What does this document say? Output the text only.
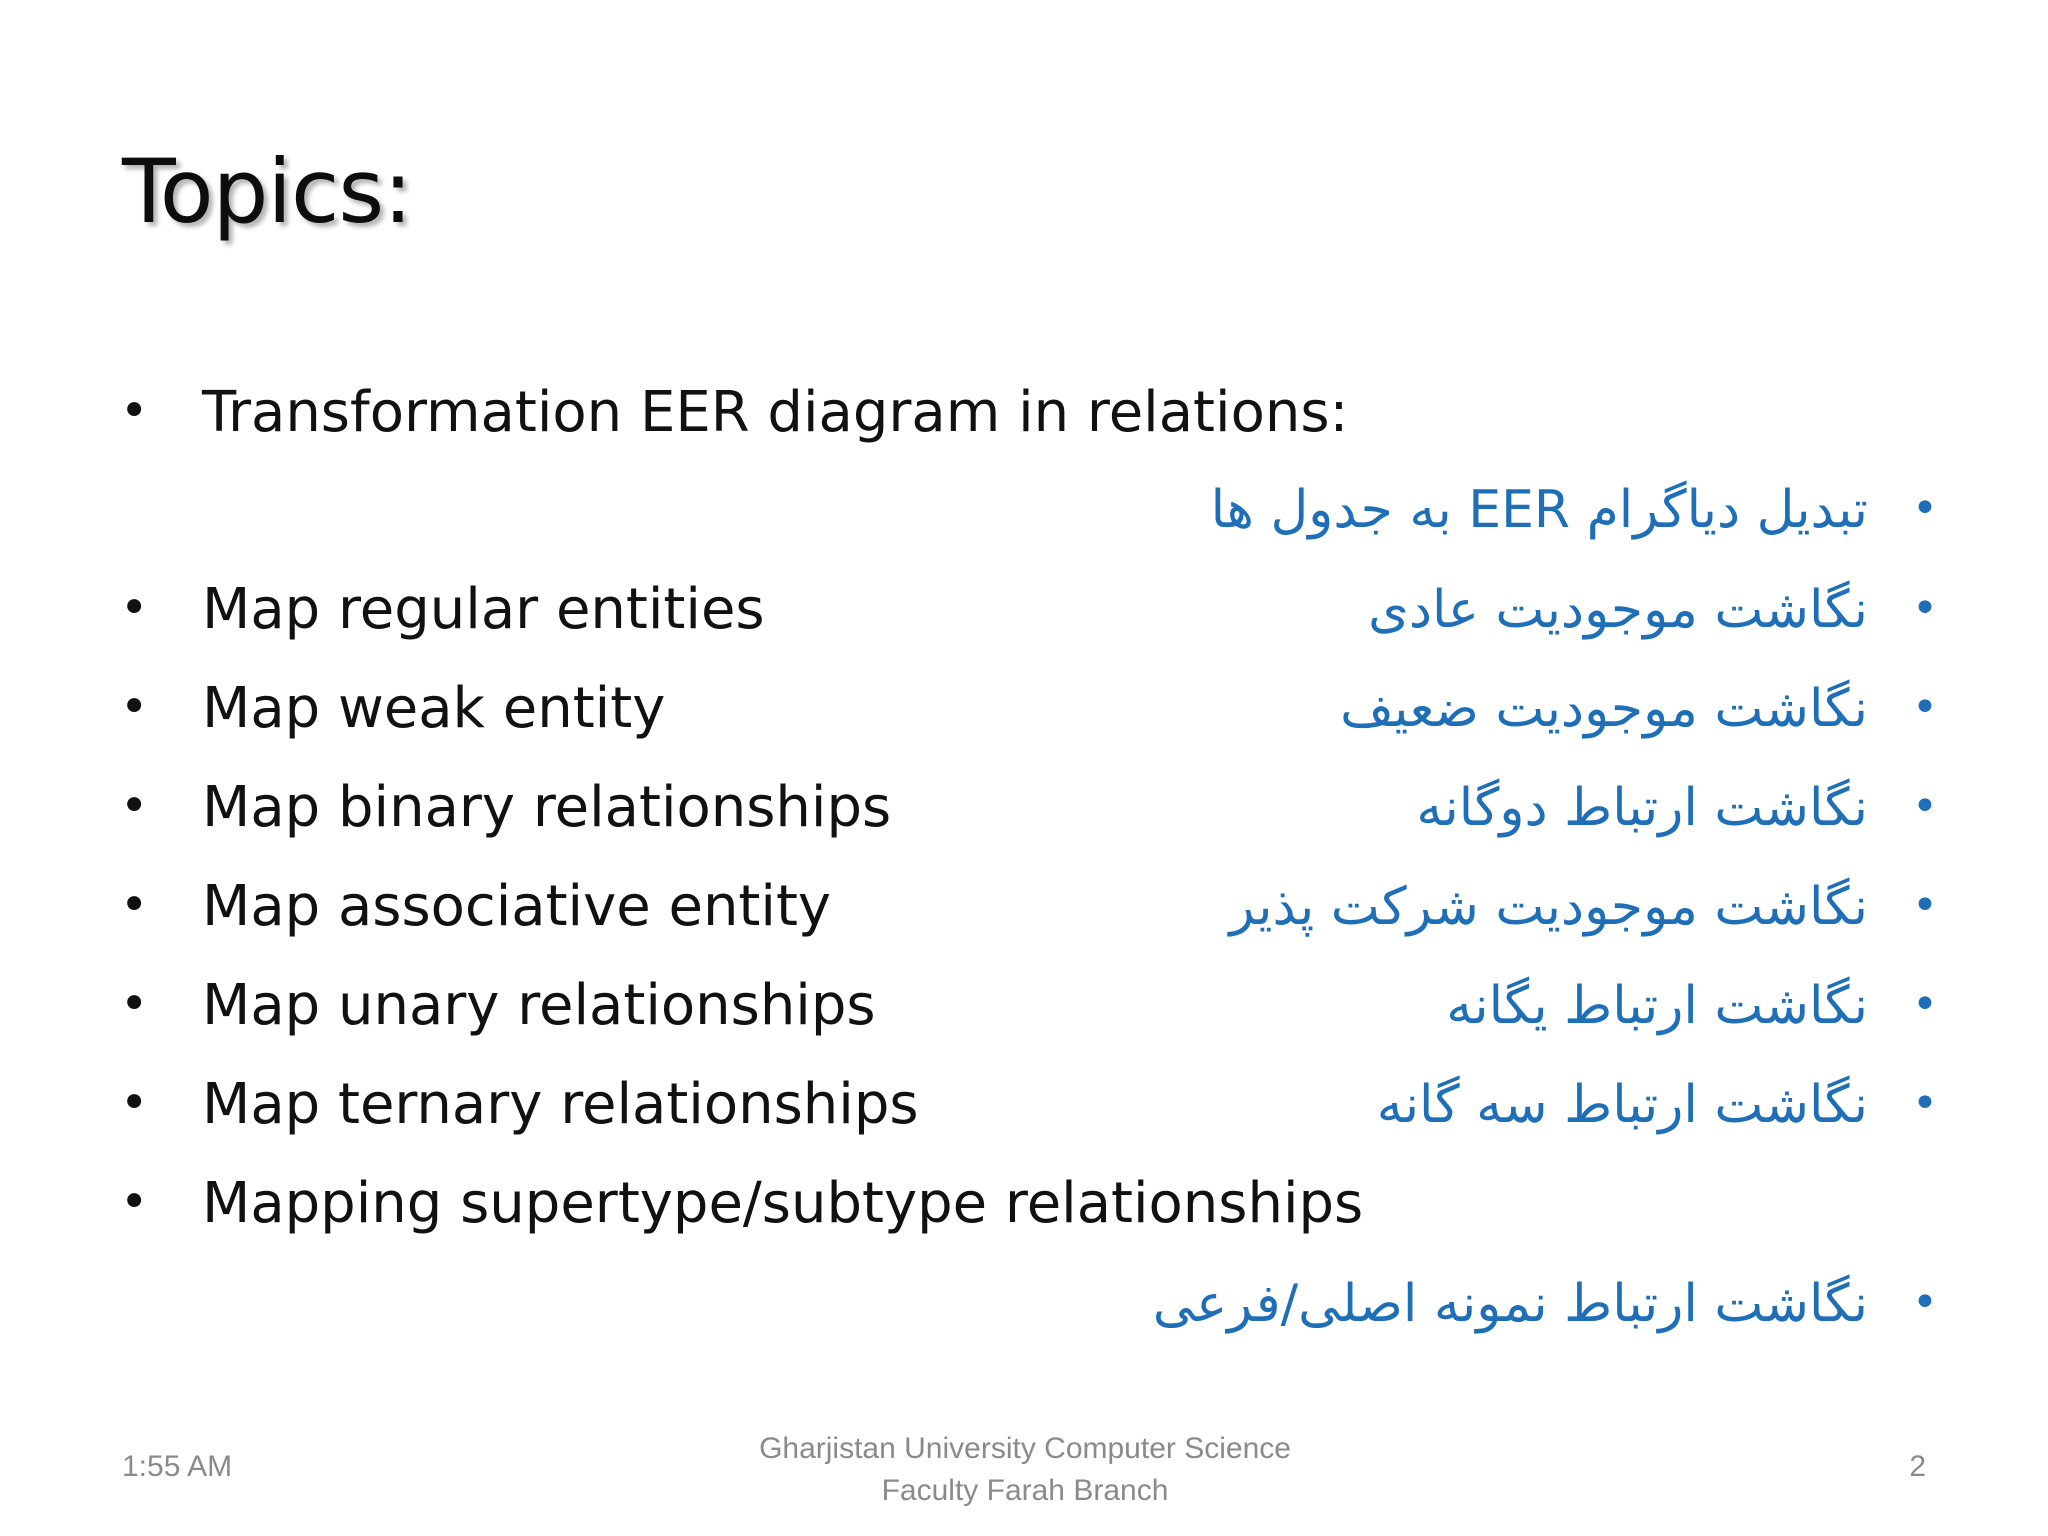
Topics:
• Transformation EER diagram in relations:
• Map regular entities
• Map weak entity
• Map binary relationships
• Map associative entity
• Map unary relationships
• Map ternary relationships
• Mapping supertype/subtype relationships
•تبدیل دیاگرام EER به جدول ها
•نگاشت موجودیت عادی
•نگاشت موجودیت ضعیف
•نگاشت ارتباط دوگانه
•نگاشت موجودیت شرکت پذیر
•نگاشت ارتباط یگانه
•نگاشت ارتباط سه گانه
•نگاشت ارتباط نمونه اصلی/فرعی
1:55 AM
Gharjistan University Computer Science
Faculty Farah Branch
2
